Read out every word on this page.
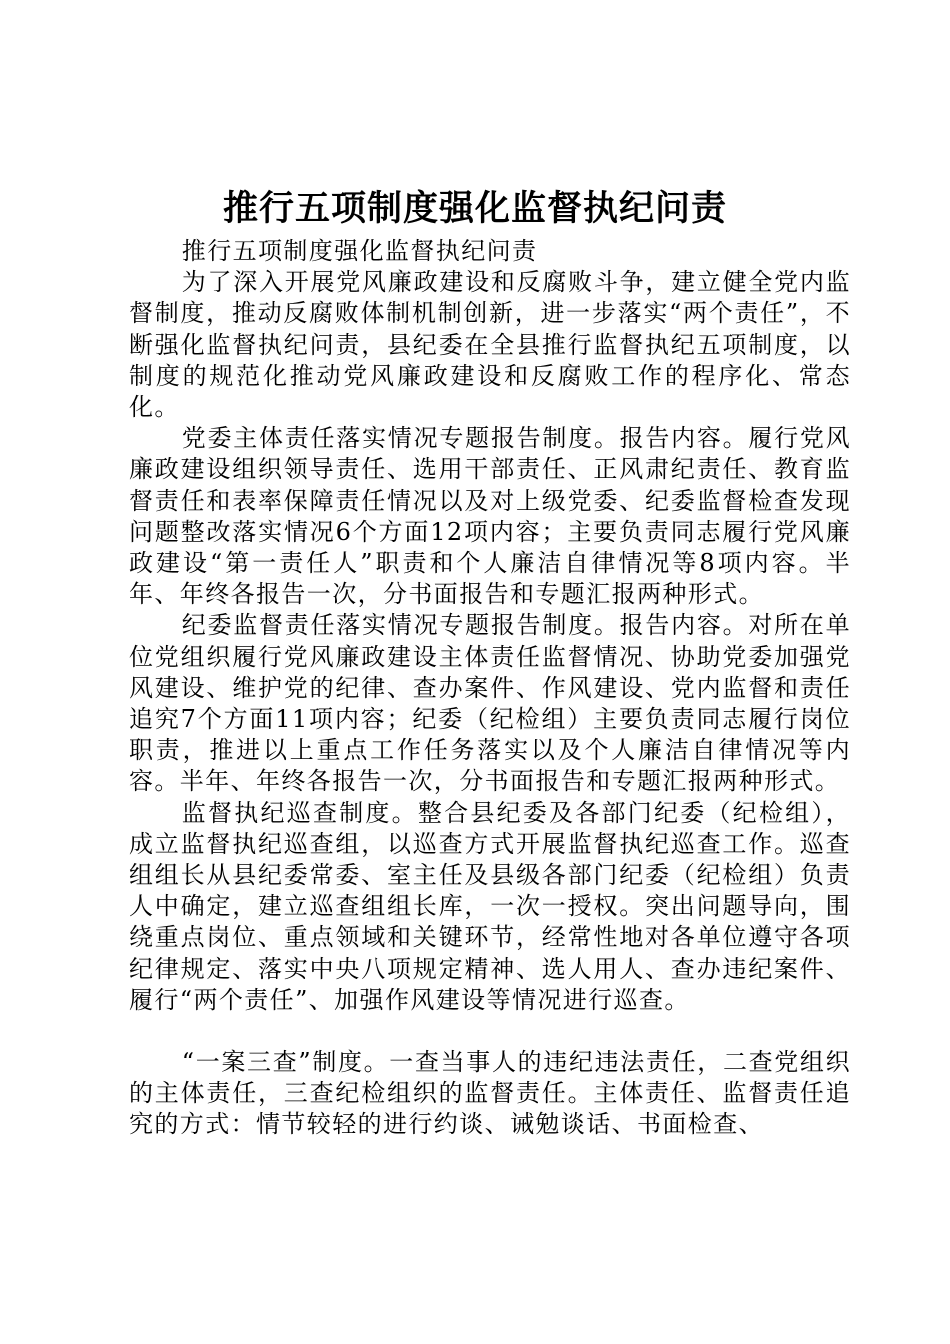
推行五项制度强化监督执纪问责

推行五项制度强化监督执纪问责

为了深入开展党风廉政建设和反腐败斗争，建立健全党内监督制度，推动反腐败体制机制创新，进一步落实“两个责任”，不断强化监督执纪问责，县纪委在全县推行监督执纪五项制度，以制度的规范化推动党风廉政建设和反腐败工作的程序化、常态化。

党委主体责任落实情况专题报告制度。报告内容。履行党风廉政建设组织领导责任、选用干部责任、正风肃纪责任、教育监督责任和表率保障责任情况以及对上级党委、纪委监督检查发现问题整改落实情况6个方面12项内容；主要负责同志履行党风廉政建设“第一责任人”职责和个人廉洁自律情况等8项内容。半年、年终各报告一次，分书面报告和专题汇报两种形式。

纪委监督责任落实情况专题报告制度。报告内容。对所在单位党组织履行党风廉政建设主体责任监督情况、协助党委加强党风建设、维护党的纪律、查办案件、作风建设、党内监督和责任追究7个方面11项内容；纪委（纪检组）主要负责同志履行岗位职责，推进以上重点工作任务落实以及个人廉洁自律情况等内容。半年、年终各报告一次，分书面报告和专题汇报两种形式。

监督执纪巡查制度。整合县纪委及各部门纪委（纪检组），成立监督执纪巡查组，以巡查方式开展监督执纪巡查工作。巡查组组长从县纪委常委、室主任及县级各部门纪委（纪检组）负责人中确定，建立巡查组组长库，一次一授权。突出问题导向，围绕重点岗位、重点领域和关键环节，经常性地对各单位遵守各项纪律规定、落实中央八项规定精神、选人用人、查办违纪案件、履行“两个责任”、加强作风建设等情况进行巡查。

“一案三查”制度。一查当事人的违纪违法责任，二查党组织的主体责任，三查纪检组织的监督责任。主体责任、监督责任追究的方式：情节较轻的进行约谈、诫勉谈话、书面检查、
